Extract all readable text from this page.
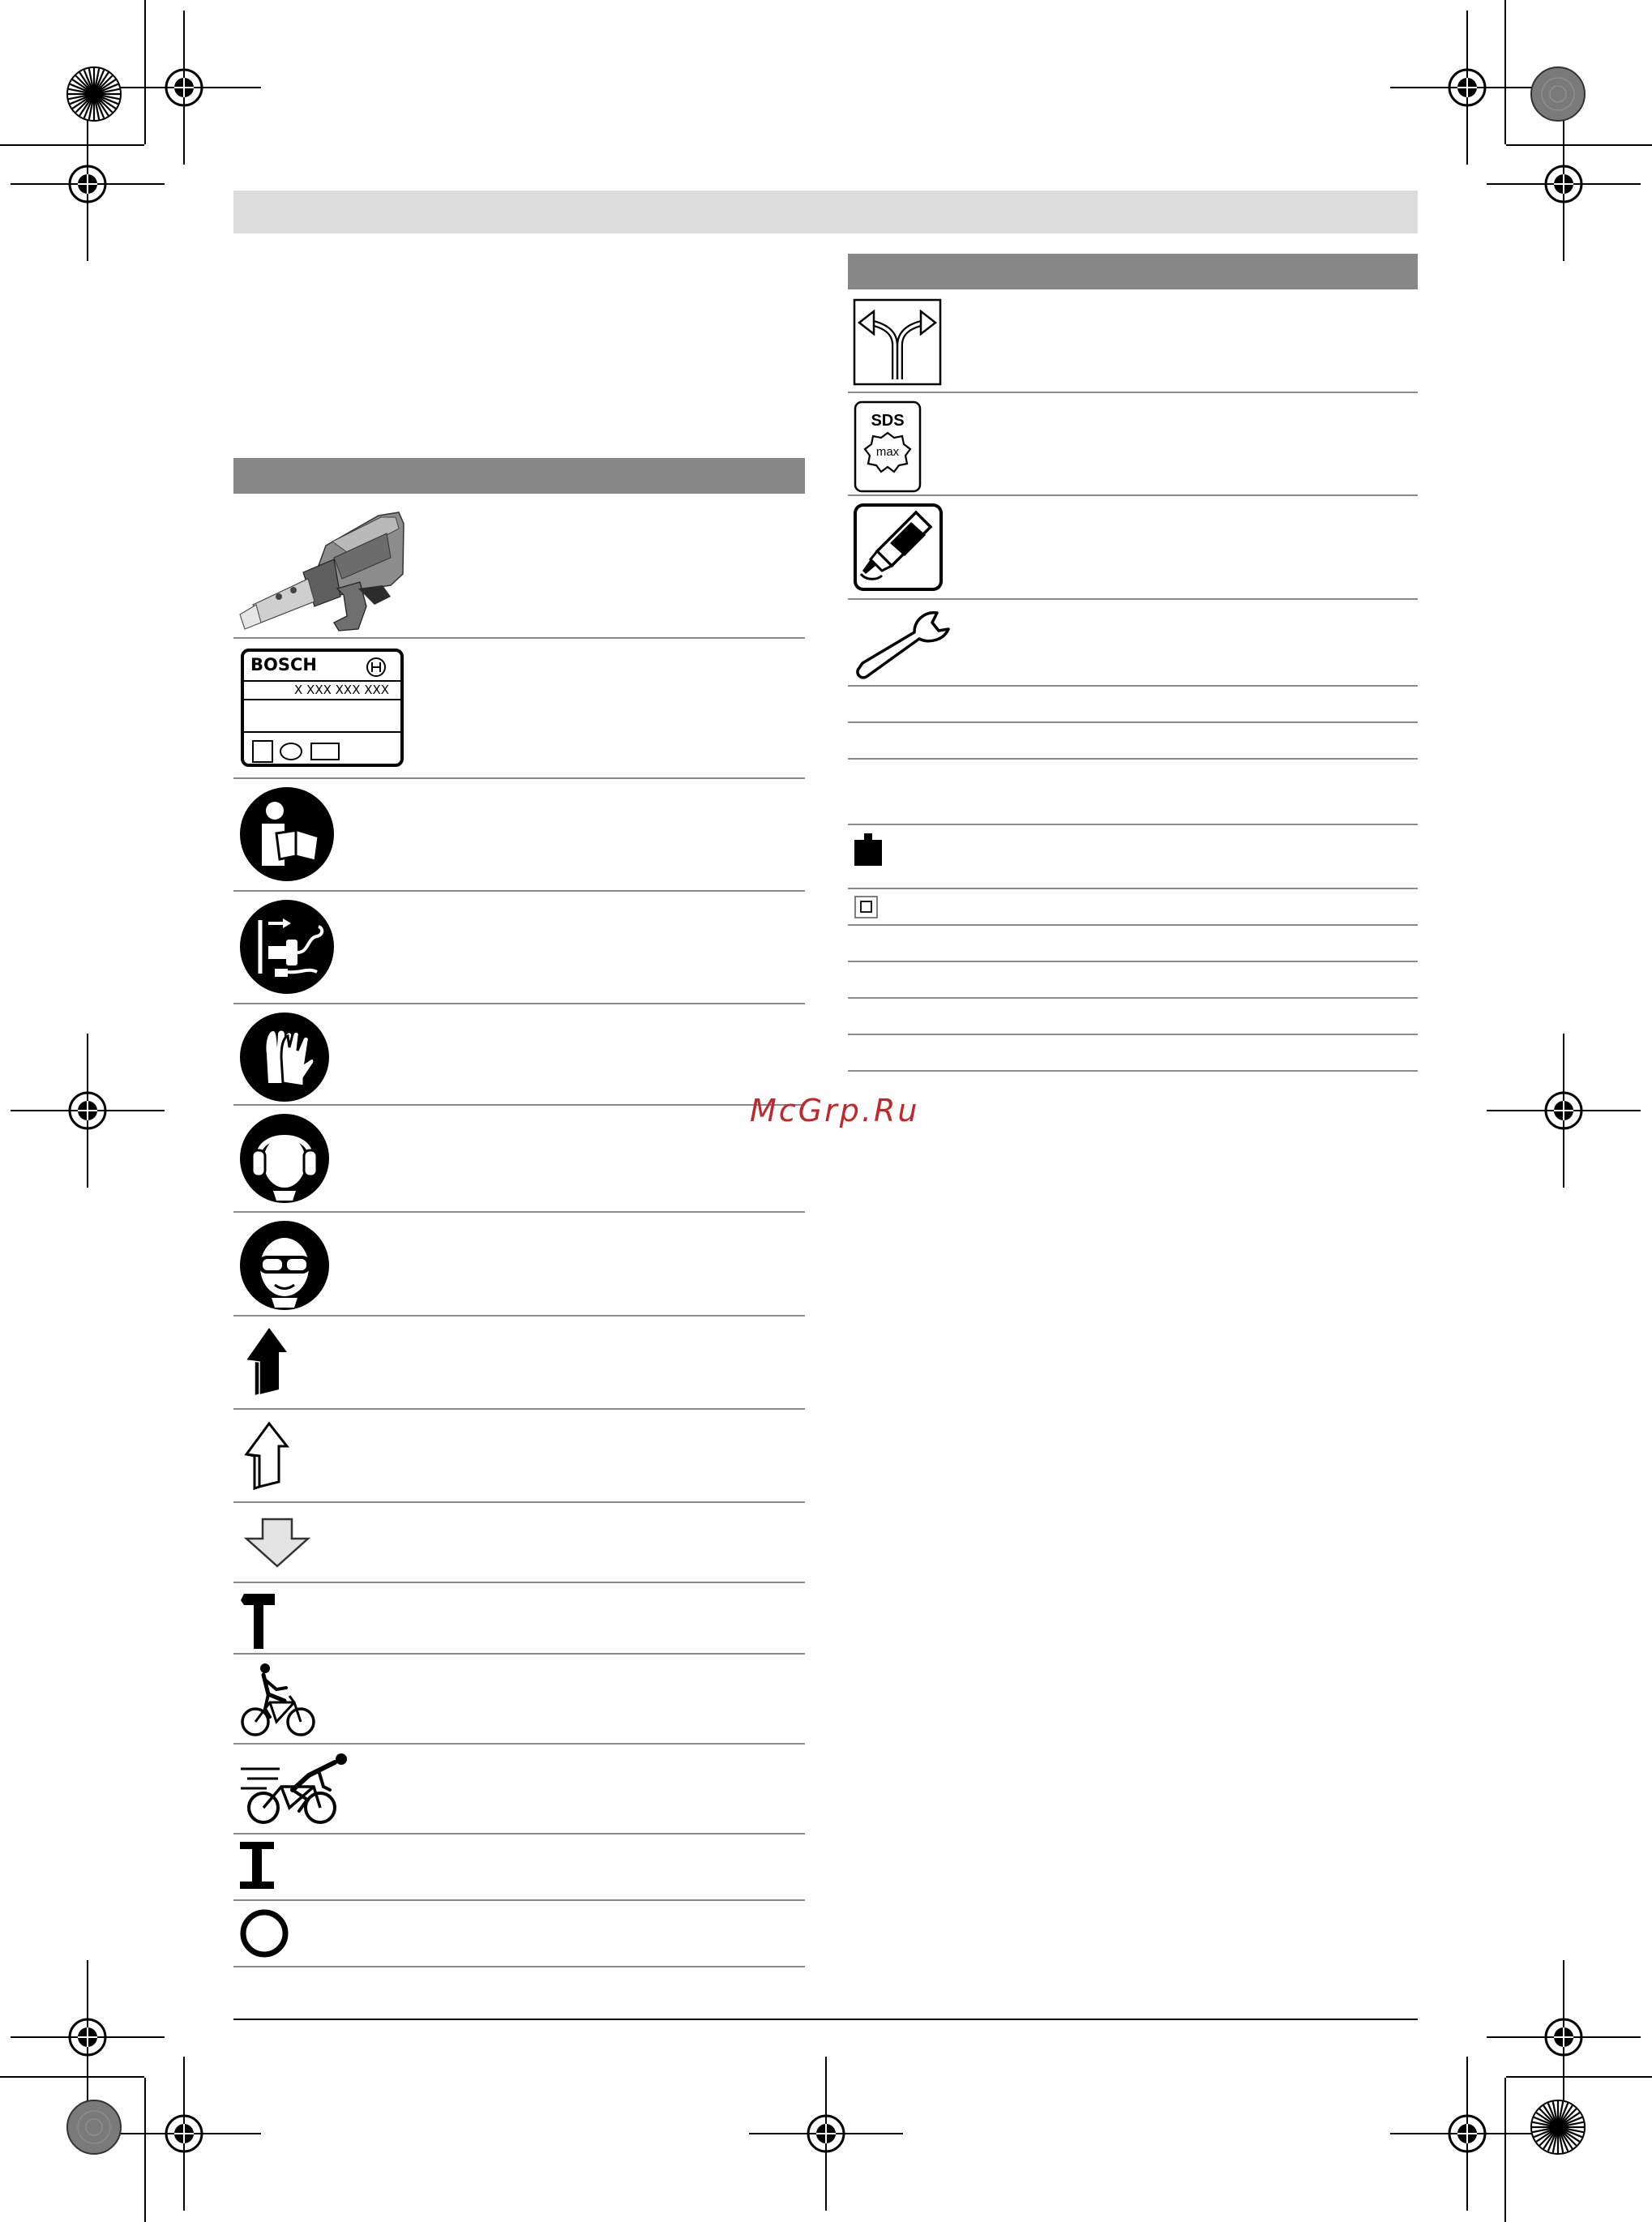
BOSCH
X XXX XXX XXX
SDS
max
McGrp.Ru
